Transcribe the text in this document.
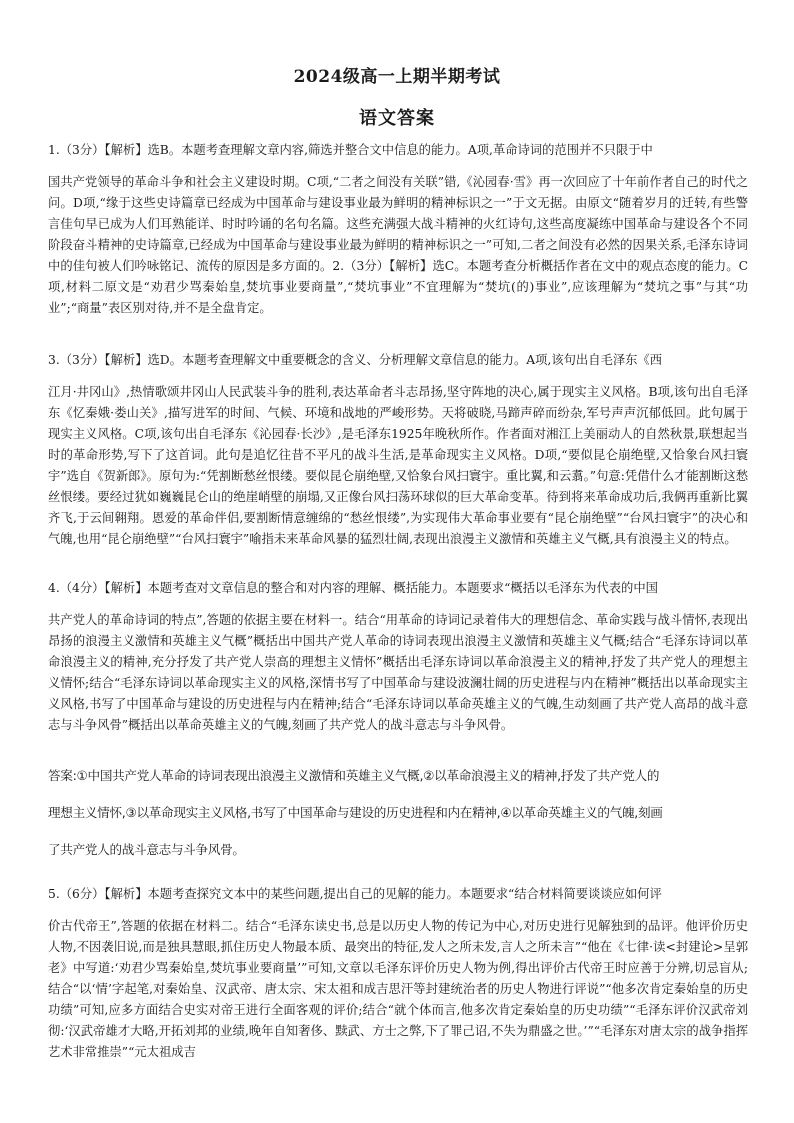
2024级高一上期半期考试
语文答案

1.（3分）【解析】选B。本题考查理解文章内容,筛选并整合文中信息的能力。A项,革命诗词的范围并不只限于中
国共产党领导的革命斗争和社会主义建设时期。C项,“二者之间没有关联”错,《沁园春·雪》再一次回应了十年前作者自己的时代之问。D项,“缘于这些史诗篇章已经成为中国革命与建设事业最为鲜明的精神标识之一”于文无据。由原文“随着岁月的迁转,有些警言佳句早已成为人们耳熟能详、时时吟诵的名句名篇。这些充满强大战斗精神的火红诗句,这些高度凝练中国革命与建设各个不同阶段奋斗精神的史诗篇章,已经成为中国革命与建设事业最为鲜明的精神标识之一”可知,二者之间没有必然的因果关系,毛泽东诗词中的佳句被人们吟咏铭记、流传的原因是多方面的。2.（3分）【解析】选C。本题考查分析概括作者在文中的观点态度的能力。C项,材料二原文是“劝君少骂秦始皇,焚坑事业要商量”,“焚坑事业”不宜理解为“焚坑(的)事业”,应该理解为“焚坑之事”与其“功业”;“商量”表区别对待,并不是全盘肯定。

3.（3分）【解析】选D。本题考查理解文中重要概念的含义、分析理解文章信息的能力。A项,该句出自毛泽东《西
江月·井冈山》,热情歌颂井冈山人民武装斗争的胜利,表达革命者斗志昂扬,坚守阵地的决心,属于现实主义风格。B项,该句出自毛泽东《忆秦娥·娄山关》,描写进军的时间、气候、环境和战地的严峻形势。天将破晓,马蹄声碎而纷杂,军号声声沉郁低回。此句属于现实主义风格。C项,该句出自毛泽东《沁园春·长沙》,是毛泽东1925年晚秋所作。作者面对湘江上美丽动人的自然秋景,联想起当时的革命形势,写下了这首词。此句是追忆往昔不平凡的战斗生活,是革命现实主义风格。D项,“要似昆仑崩绝壁,又恰象台风扫寰宇”选自《贺新郎》。原句为:“凭割断愁丝恨缕。要似昆仑崩绝壁,又恰象台风扫寰宇。重比翼,和云翥。”句意:凭借什么才能割断这愁丝恨缕。要经过犹如巍巍昆仑山的绝崖峭壁的崩塌,又正像台风扫荡环球似的巨大革命变革。待到将来革命成功后,我俩再重新比翼齐飞,于云间翱翔。恩爱的革命伴侣,要割断情意缠绵的“愁丝恨缕”,为实现伟大革命事业要有“昆仑崩绝壁”“台风扫寰宇”的决心和气魄,也用“昆仑崩绝壁”“台风扫寰宇”喻指未来革命风暴的猛烈壮阔,表现出浪漫主义激情和英雄主义气概,具有浪漫主义的特点。

4.（4分）【解析】本题考查对文章信息的整合和对内容的理解、概括能力。本题要求“概括以毛泽东为代表的中国
共产党人的革命诗词的特点”,答题的依据主要在材料一。结合“用革命的诗词记录着伟大的理想信念、革命实践与战斗情怀,表现出昂扬的浪漫主义激情和英雄主义气概”概括出中国共产党人革命的诗词表现出浪漫主义激情和英雄主义气概;结合“毛泽东诗词以革命浪漫主义的精神,充分抒发了共产党人崇高的理想主义情怀”概括出毛泽东诗词以革命浪漫主义的精神,抒发了共产党人的理想主义情怀;结合“毛泽东诗词以革命现实主义的风格,深情书写了中国革命与建设波澜壮阔的历史进程与内在精神”概括出以革命现实主义风格,书写了中国革命与建设的历史进程与内在精神;结合“毛泽东诗词以革命英雄主义的气魄,生动刻画了共产党人高昂的战斗意志与斗争风骨”概括出以革命英雄主义的气魄,刻画了共产党人的战斗意志与斗争风骨。

答案:①中国共产党人革命的诗词表现出浪漫主义激情和英雄主义气概,②以革命浪漫主义的精神,抒发了共产党人的
理想主义情怀,③以革命现实主义风格,书写了中国革命与建设的历史进程和内在精神,④以革命英雄主义的气魄,刻画
了共产党人的战斗意志与斗争风骨。

5.（6分）【解析】本题考查探究文本中的某些问题,提出自己的见解的能力。本题要求“结合材料简要谈谈应如何评
价古代帝王”,答题的依据在材料二。结合“毛泽东读史书,总是以历史人物的传记为中心,对历史进行见解独到的品评。他评价历史人物,不因袭旧说,而是独具慧眼,抓住历史人物最本质、最突出的特征,发人之所未发,言人之所未言”“他在《七律·读<封建论>呈郭老》中写道:‘劝君少骂秦始皇,焚坑事业要商量’”可知,文章以毛泽东评价历史人物为例,得出评价古代帝王时应善于分辨,切忌盲从;结合“以‘情’字起笔,对秦始皇、汉武帝、唐太宗、宋太祖和成吉思汗等封建统治者的历史人物进行评说”“他多次肯定秦始皇的历史功绩”可知,应多方面结合史实对帝王进行全面客观的评价;结合“就个体而言,他多次肯定秦始皇的历史功绩”“毛泽东评价汉武帝刘彻:‘汉武帝雄才大略,开拓刘邦的业绩,晚年自知奢侈、黩武、方士之弊,下了罪己诏,不失为鼎盛之世。’”“毛泽东对唐太宗的战争指挥艺术非常推崇”“元太祖成吉
